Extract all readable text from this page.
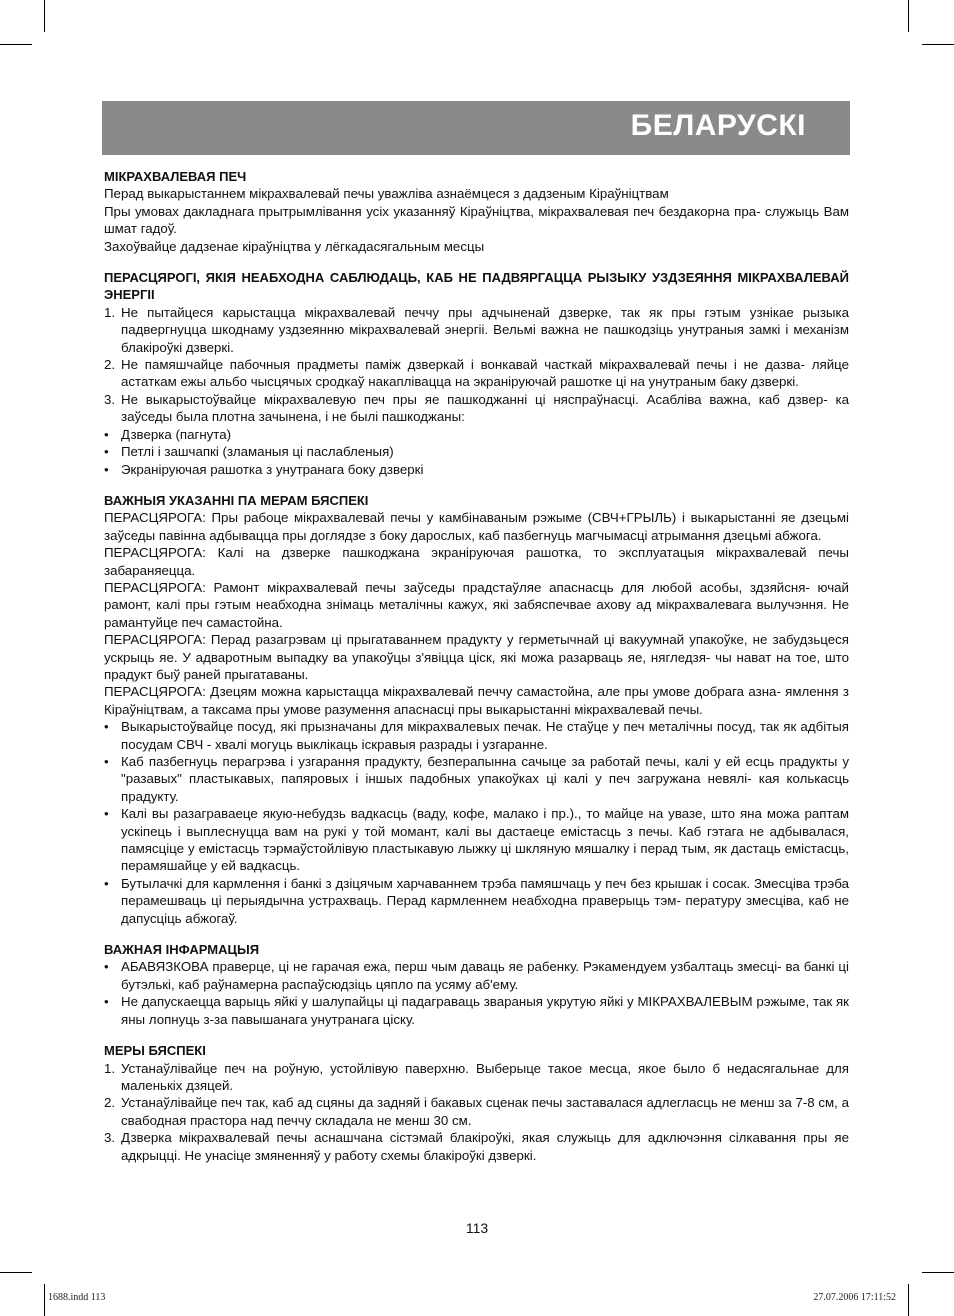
БЕЛАРУСКІ
МІКРАХВАЛЕВАЯ ПЕЧ

Перад выкарыстаннем мікрахвалевай печы уважліва азнаёмцеся з дадзеным Кіраўніцтвам

Пры умовах дакладнага прытрымлівання усіх указанняў Кіраўніцтва, мікрахвалевая печ бездакорна пра- служыць Вам шмат гадоў.

Захоўвайце дадзенае кіраўніцтва у лёгкадасягальным месцы

ПЕРАСЦЯРОГІ, ЯКІЯ НЕАБХОДНА САБЛЮДАЦЬ, КАБ НЕ ПАДВЯРГАЦЦА РЫЗЫКУ УЗДЗЕЯННЯ МІКРАХВАЛЕВАЙ ЭНЕРГІІ
1. Не пытайцеся карыстацца мікрахвалевай печчу пры адчыненай дзверке, так як пры гэтым узнікае рызыка падвергнуцца шкоднаму уздзеянню мікрахвалевай энергіі. Вельмі важна не пашкодзіць унутраныя замкі і механізм блакіроўкі дзверкі.
2. Не памяшчайце пабочныя прадметы паміж дзверкай і вонкавай часткай мікрахвалевай печы і не дазва- ляйце астаткам ежы альбо чысцячых сродкаў накапліваццa на экраніруючай рашотке ці на унутраным баку дзверкі.
3. Не выкарыстоўвайце мікрахвалевую печ пры яе пашкоджанні ці няспраўнасці. Асабліва важна, каб дзвер- ка заўседы была плотна зачынена, і не былі пашкоджаны:
• Дзверка (пагнута)
• Петлі і зашчапкі (зламаныя ці паслабленыя)
• Экраніруючая рашотка з унутранага боку дзверкі
ВАЖНЫЯ УКАЗАННІ ПА МЕРАМ БЯСПЕКІ

ПЕРАСЦЯРОГА: Пры рабоце мікрахвалевай печы у камбінаваным рэжыме (СВЧ+ГРЫЛЬ) і выкарыстанні яе дзецьмі заўседы павінна адбывацца пры доглядзе з боку дарослых, каб пазбегнуць магчымасці атрымання дзецьмі абжога.

ПЕРАСЦЯРОГА: Калі на дзверке пашкоджана экраніруючая рашотка, то эксплуатацыя мікрахвалевай печы забараняецца.

ПЕРАСЦЯРОГА: Рамонт мікрахвалевай печы заўседы прадстаўляе апаснасць для любой асобы, здзяйсня- ючай рамонт, калі пры гэтым неабходна знімаць металічны кажух, які забяспечвае ахову ад мікрахвалевага вылучэння. Не рамантуйце печ самастойна.

ПЕРАСЦЯРОГА: Перад разагрэвам ці прыгатаваннем прадукту у герметычнай ці вакуумнай упакоўке, не забудзьцеся ускрыць яе. У адваротным выпадку ва упакоўцы з'явіцца ціск, які можа разарваць яе, нягледзя- чы нават на тое, што прадукт быў раней прыгатаваны.

ПЕРАСЦЯРОГА: Дзецям можна карыстацца мікрахвалевай печчу самастойна, але пры умове добрага азна- ямлення з Кіраўніцтвам, а таксама пры умове разумення апаснасці пры выкарыстанні мікрахвалевай печы.

• Выкарыстоўвайце посуд, які прызначаны для мікрахвалевых печак. Не стаўце у печ металічны посуд, так як адбітыя посудам СВЧ - хвалі могуць выклікаць іскравыя разрады і узгаранне.
• Каб пазбегнуць перагрэва і узгарання прадукту, безперапынна сачыце за работай печы, калі у ей есць прадукты у "разавых" пластыкавых, папяровых і іншых падобных упакоўках ці калі у печ загружана невялі- кая колькасць прадукту.
• Калі вы разаграваеце якую-небудзь вадкасць (ваду, кофе, малако і пр.)., то майце на увазе, што яна можа раптам ускіпець і выплеснуцца вам на рукі у той момант, калі вы дастаеце емістасць з печы. Каб гэтага не адбывалася, памясціце у емістасць тэрмаўстойлівую пластыкавую лыжку ці шкляную мяшалку і перад тым, як дастаць емістасць, перамяшайце у ей вадкасць.
• Бутылачкі для кармлення і банкі з дзіцячым харчаваннем трэба памяшчаць у печ без крышак і сосак. Змесціва трэба перамешваць ці перыядычна устрахваць. Перад кармленнем неабходна праверыць тэм- пературу змесціва, каб не дапусціць абжогаў.
ВАЖНАЯ ІНФАРМАЦЫЯ
• АБАВЯЗКОВА праверце, ці не гарачая ежа, перш чым даваць яе рабенку. Рэкамендуем узбалтаць змесці- ва банкі ці бутэлькі, каб раўнамерна распаўсюдзіць цяпло па усяму аб'ему.
• Не дапускаецца варыць яйкі у шалупайцы ці падаграваць звараныя укрутую яйкі у МІКРАХВАЛЕВЫМ рэжыме, так як яны лопнуць з-за павышанага унутранага ціску.
МЕРЫ БЯСПЕКІ
1. Устанаўлівайце печ на роўную, устойлівую паверхню. Выберыце такое месца, якое было б недасягальнае для маленькіх дзяцей.
2. Устанаўлівайце печ так, каб ад сцяны да задняй і бакавых сценак печы заставалася адлегласць не менш за 7-8 см, а свабодная прастора над печчу складала не менш 30 см.
3. Дзверка мікрахвалевай печы аснашчана сістэмай блакіроўкі, якая служыць для адключэння сілкавання пры яе адкрыцці. Не унасіце змяненняў у работу схемы блакіроўкі дзверкі.
113
1688.indd 113	27.07.2006 17:11:52
